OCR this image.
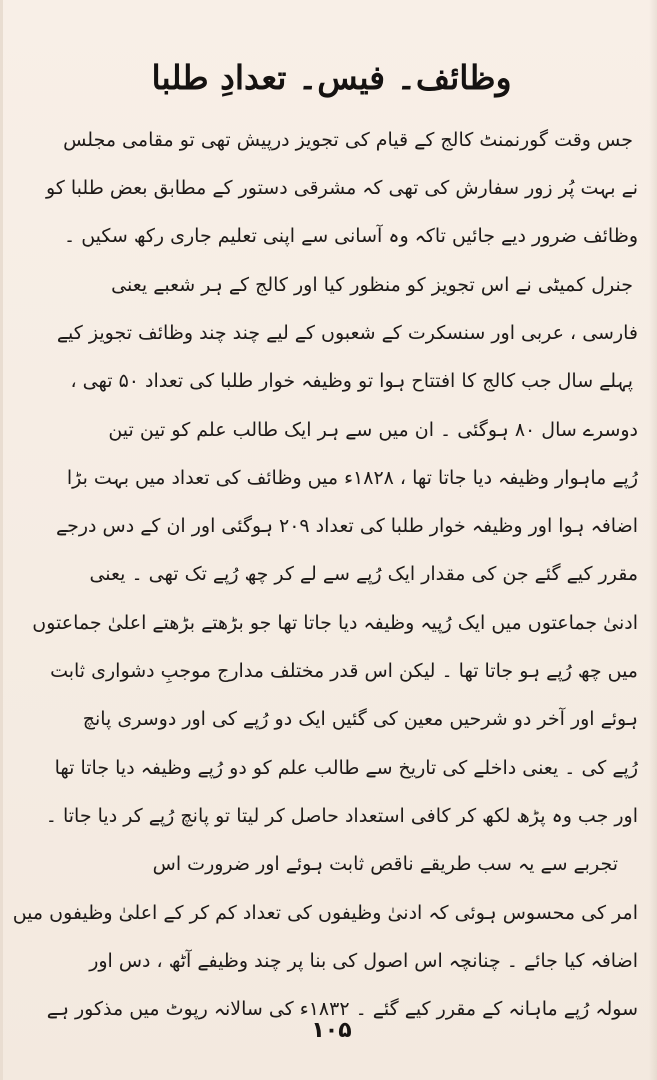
وظائف۔ فیس۔ تعدادِ طلبا
جس وقت گورنمنٹ کالج کے قیام کی تجویز درپیش تھی تو مقامی مجلس
نے بہت پُر زور سفارش کی تھی کہ مشرقی دستور کے مطابق بعض طلبا کو
وظائف ضرور دیے جائیں تاکہ وہ آسانی سے اپنی تعلیم جاری رکھ سکیں ۔
جنرل کمیٹی نے اس تجویز کو منظور کیا اور کالج کے ہر شعبے یعنی
فارسی ، عربی اور سنسکرت کے شعبوں کے لیے چند چند وظائف تجویز کیے
پہلے سال جب کالج کا افتتاح ہوا تو وظیفہ خوار طلبا کی تعداد ۵۰ تھی ،
دوسرے سال ۸۰ ہوگئی ۔ ان میں سے ہر ایک طالب علم کو تین تین
رُپے ماہوار وظیفہ دیا جاتا تھا ، ۱۸۲۸ء میں وظائف کی تعداد میں بہت بڑا
اضافہ ہوا اور وظیفہ خوار طلبا کی تعداد ۲۰۹ ہوگئی اور ان کے دس درجے
مقرر کیے گئے جن کی مقدار ایک رُپے سے لے کر چھ رُپے تک تھی ۔ یعنی
ادنیٰ جماعتوں میں ایک رُپیہ وظیفہ دیا جاتا تھا جو بڑھتے بڑھتے اعلیٰ جماعتوں
میں چھ رُپے ہو جاتا تھا ۔ لیکن اس قدر مختلف مدارج موجبِ دشواری ثابت
ہوئے اور آخر دو شرحیں معین کی گئیں ایک دو رُپے کی اور دوسری پانچ
رُپے کی ۔ یعنی داخلے کی تاریخ سے طالب علم کو دو رُپے وظیفہ دیا جاتا تھا
اور جب وہ پڑھ لکھ کر کافی استعداد حاصل کر لیتا تو پانچ رُپے کر دیا جاتا ۔
تجربے سے یہ سب طریقے ناقص ثابت ہوئے اور ضرورت اس
امر کی محسوس ہوئی کہ ادنیٰ وظیفوں کی تعداد کم کر کے اعلیٰ وظیفوں میں
اضافہ کیا جائے ۔ چنانچہ اس اصول کی بنا پر چند وظیفے آٹھ ، دس اور
سولہ رُپے ماہانہ کے مقرر کیے گئے ۔ ۱۸۳۲ء کی سالانہ رپوٹ میں مذکور ہے
۱۰۵
